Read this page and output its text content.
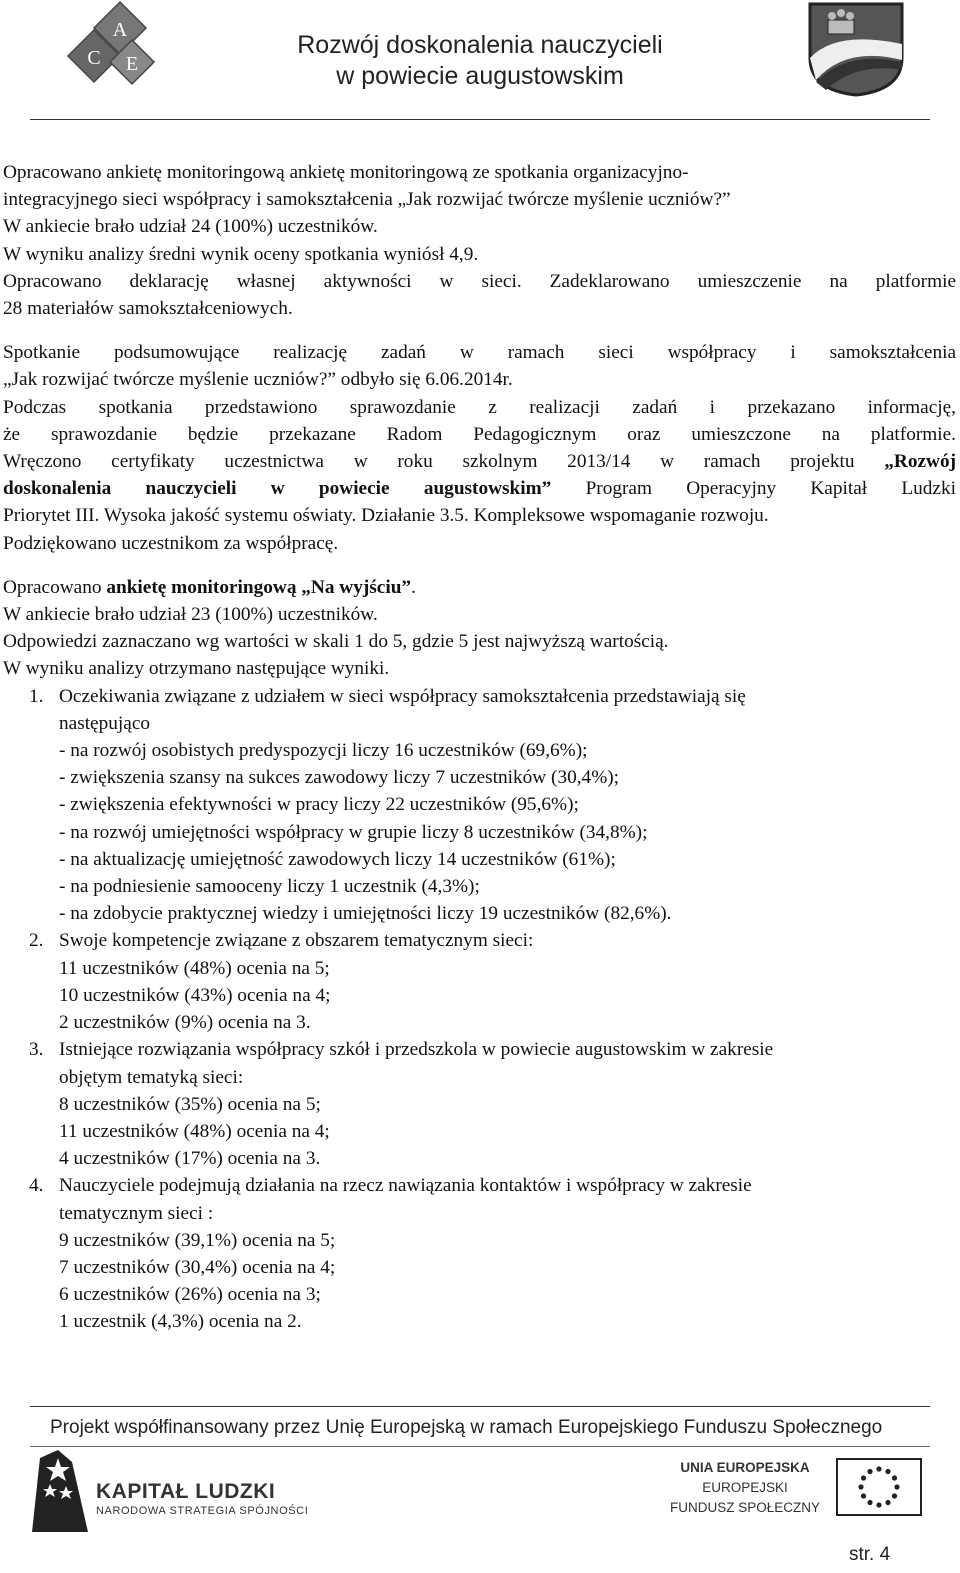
A
C E
Rozwój doskonalenia nauczycieli
w powiecie augustowskim

Opracowano ankietę monitoringową ankietę monitoringową ze spotkania organizacyjno-

integracyjnego sieci współpracy i samokształcenia „Jak rozwijać twórcze myślenie uczniów?”

W ankiecie brało udział 24 (100%) uczestników.

W wyniku analizy średni wynik oceny spotkania wyniósł 4,9.

Opracowano deklarację własnej aktywności w sieci. Zadeklarowano umieszczenie na platformie

28 materiałów samokształceniowych.

Spotkanie podsumowujące realizację zadań w ramach sieci współpracy i samokształcenia

„Jak rozwijać twórcze myślenie uczniów?” odbyło się 6.06.2014r.

Podczas spotkania przedstawiono sprawozdanie z realizacji zadań i przekazano informację,

że sprawozdanie będzie przekazane Radom Pedagogicznym oraz umieszczone na platformie.

Wręczono certyfikaty uczestnictwa w roku szkolnym 2013/14 w ramach projektu „Rozwój

doskonalenia nauczycieli w powiecie augustowskim” Program Operacyjny Kapitał Ludzki

Priorytet III. Wysoka jakość systemu oświaty. Działanie 3.5. Kompleksowe wspomaganie rozwoju.

Podziękowano uczestnikom za współpracę.

Opracowano ankietę monitoringową „Na wyjściu”.

W ankiecie brało udział 23 (100%) uczestników.

Odpowiedzi zaznaczano wg wartości w skali 1 do 5, gdzie 5 jest najwyższą wartością.

W wyniku analizy otrzymano następujące wyniki.

1. Oczekiwania związane z udziałem w sieci współpracy samokształcenia przedstawiają się
następująco

- na rozwój osobistych predyspozycji liczy 16 uczestników (69,6%);

- zwiększenia szansy na sukces zawodowy liczy 7 uczestników (30,4%);

- zwiększenia efektywności w pracy liczy 22 uczestników (95,6%);

- na rozwój umiejętności współpracy w grupie liczy 8 uczestników (34,8%);

- na aktualizację umiejętność zawodowych liczy 14 uczestników (61%);

- na podniesienie samooceny liczy 1 uczestnik (4,3%);

- na zdobycie praktycznej wiedzy i umiejętności liczy 19 uczestników (82,6%).

2. Swoje kompetencje związane z obszarem tematycznym sieci:

11 uczestników (48%) ocenia na 5;

10 uczestników (43%) ocenia na 4;

2 uczestników (9%) ocenia na 3.

3. Istniejące rozwiązania współpracy szkół i przedszkola w powiecie augustowskim w zakresie
objętym tematyką sieci:

8 uczestników (35%) ocenia na 5;

11 uczestników (48%) ocenia na 4;

4 uczestników (17%) ocenia na 3.

4. Nauczyciele podejmują działania na rzecz nawiązania kontaktów i współpracy w zakresie
tematycznym sieci :

9 uczestników (39,1%) ocenia na 5;

7 uczestników (30,4%) ocenia na 4;

6 uczestników (26%) ocenia na 3;

1 uczestnik (4,3%) ocenia na 2.

Projekt współfinansowany przez Unię Europejską w ramach Europejskiego Funduszu Społecznego
KAPITAŁ LUDZKI
NARODOWA STRATEGIA SPÓJNOŚCI
UNIA EUROPEJSKA
EUROPEJSKI
FUNDUSZ SPOŁECZNY
str. 4
